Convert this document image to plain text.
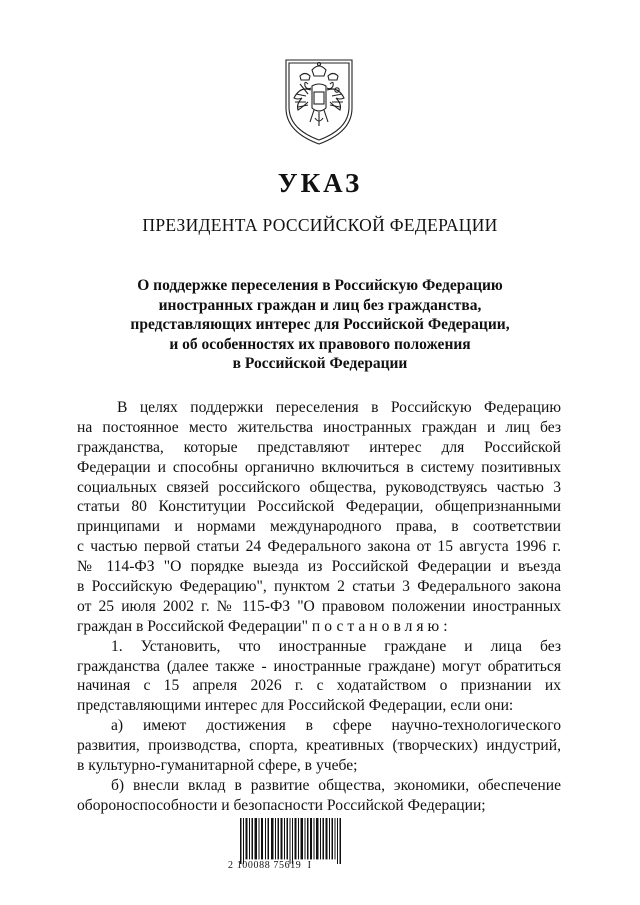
УКАЗ
ПРЕЗИДЕНТА РОССИЙСКОЙ ФЕДЕРАЦИИ
О поддержке переселения в Российскую Федерацию
иностранных граждан и лиц без гражданства,
представляющих интерес для Российской Федерации,
и об особенностях их правового положения
в Российской Федерации
В целях поддержки переселения в Российскую Федерацию
на постоянное место жительства иностранных граждан и лиц без
гражданства, которые представляют интерес для Российской
Федерации и способны органично включиться в систему позитивных
социальных связей российского общества, руководствуясь частью 3
статьи 80 Конституции Российской Федерации, общепризнанными
принципами и нормами международного права, в соответствии
с частью первой статьи 24 Федерального закона от 15 августа 1996 г.
№ 114-ФЗ "О порядке выезда из Российской Федерации и въезда
в Российскую Федерацию", пунктом 2 статьи 3 Федерального закона
от 25 июля 2002 г. № 115-ФЗ "О правовом положении иностранных
граждан в Российской Федерации" постановляю:
1. Установить, что иностранные граждане и лица без
гражданства (далее также - иностранные граждане) могут обратиться
начиная с 15 апреля 2026 г. с ходатайством о признании их
представляющими интерес для Российской Федерации, если они:
а) имеют достижения в сфере научно-технологического
развития, производства, спорта, креативных (творческих) индустрий,
в культурно-гуманитарной сфере, в учебе;
б) внесли вклад в развитие общества, экономики, обеспечение
обороноспособности и безопасности Российской Федерации;
2 100088 75619 I
